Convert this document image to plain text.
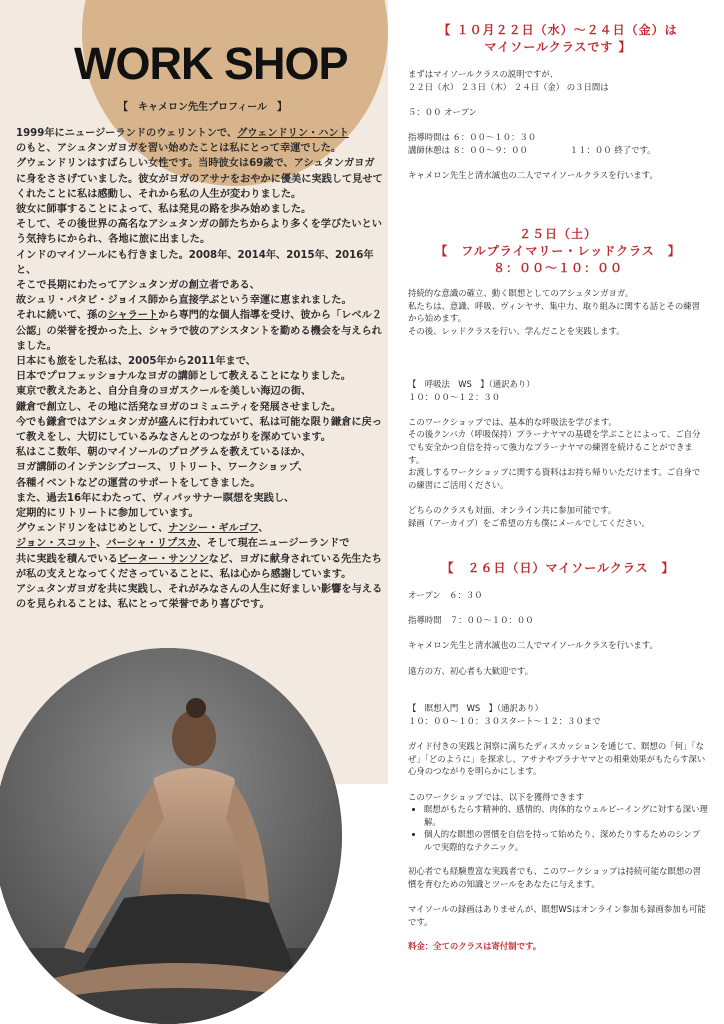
WORK SHOP
【　キャメロン先生プロフィール　】

1999年にニュージーランドのウェリントンで、グウェンドリン・ハント

のもと、アシュタンガヨガを習い始めたことは私にとって幸運でした。

グウェンドリンはすばらしい女性です。当時彼女は69歳で、アシュタンガヨガに身をささげていました。彼女がヨガのアサナをおやかに優美に実践して見せてくれたことに私は感動し、それから私の人生が変わりました。

彼女に師事することによって、私は発見の路を歩み始めました。

そして、その後世界の高名なアシュタンガの師たちからより多くを学びたいという気持ちにかられ、各地に旅に出ました。

インドのマイソールにも行きました。2008年、2014年、2015年、2016年と、

そこで長期にわたってアシュタンガの創立者である、

故シュリ・パタビ・ジョイス師から直接学ぶという幸運に恵まれました。

それに続いて、孫のシャラートから専門的な個人指導を受け、彼から「レベル２公認」の栄誉を授かった上、シャラで彼のアシスタントを勤める機会を与えられました。

日本にも旅をした私は、2005年から2011年まで、

日本でプロフェッショナルなヨガの講師として教えることになりました。

東京で教えたあと、自分自身のヨガスクールを美しい海辺の街、

鎌倉で創立し、その地に活発なヨガのコミュニティを発展させました。

今でも鎌倉ではアシュタンガが盛んに行われていて、私は可能な限り鎌倉に戻って教えをし、大切にしているみなさんとのつながりを深めています。

私はここ数年、朝のマイソールのプログラムを教えているほか、

ヨガ講師のインテンシブコース、リトリート、ワークショップ、

各種イベントなどの運営のサポートをしてきました。

また、過去16年にわたって、ヴィパッサナー瞑想を実践し、

定期的にリトリートに参加しています。

グウェンドリンをはじめとして、ナンシー・ギルゴフ、

ジョン・スコット、バーシャ・リプスカ、そして現在ニュージーランドで

共に実践を積んでいるピーター・サンソンなど、ヨガに献身されている先生たちが私の支えとなってくださっていることに、私は心から感謝しています。

アシュタンガヨガを共に実践し、それがみなさんの人生に好ましい影響を与えるのを見られることは、私にとって栄誉であり喜びです。

【 １０月２２日（水）～２４日（金）は
マイソールクラスです 】
まずはマイソールクラスの説明ですが、
２２日（水） ２３日（木） ２４日（金） の３日間は

５：００ オープン

指導時間は ６：００～１０：３０
講師休憩は ８：００～９：００　　　　　１１：００ 終了です。

キャメロン先生と清水誠也の二人でマイソールクラスを行います。
２５日（土）
【　フルプライマリー・レッドクラス　】
８：００～１０：００
持続的な意識の確立、動く瞑想としてのアシュタンガヨガ。
私たちは、意識、呼吸、ヴィンヤサ、集中力、取り組みに関する話とその練習から始めます。
その後、レッドクラスを行い、学んだことを実践します。
【　呼吸法　WS　】（通訳あり）
１０：００～１２：３０

このワークショップでは、基本的な呼吸法を学びます。
その後クンバカ（呼吸保持）プラーナヤマの基礎を学ぶことによって、ご自分でも安全かつ自信を持って強力なプラーナヤマの練習を続けることができます。
お渡しするワークショップに関する資料はお持ち帰りいただけます。ご自身での練習にご活用ください。

どちらのクラスも対面、オンライン共に参加可能です。
録画（アーカイブ）をご希望の方も僕にメールでしてください。
【　２６日（日）マイソールクラス　】
オープン　６：３０

指導時間　７：００～１０：００

キャメロン先生と清水誠也の二人でマイソールクラスを行います。

遠方の方、初心者も大歓迎です。

【　瞑想入門　WS　】（通訳あり）
１０：００～１０：３０スタート～１２：３０まで

ガイド付きの実践と洞察に満ちたディスカッションを通じて、瞑想の「何」「なぜ」「どのように」を探求し、アサナやプラナヤマとの相乗効果がもたらす深い心身のつながりを明らかにします。

このワークショップでは、以下を獲得できます
• 瞑想がもたらす精神的、感情的、肉体的なウェルビーイングに対する深い理解。
• 個人的な瞑想の習慣を自信を持って始めたり、深めたりするためのシンプルで実際的なテクニック。
初心者でも経験豊富な実践者でも、このワークショップは持続可能な瞑想の習慣を育むための知識とツールをあなたに与えます。

マイソールの録画はありませんが、瞑想WSはオンライン参加も録画参加も可能です。
料金：全てのクラスは寄付制です。
